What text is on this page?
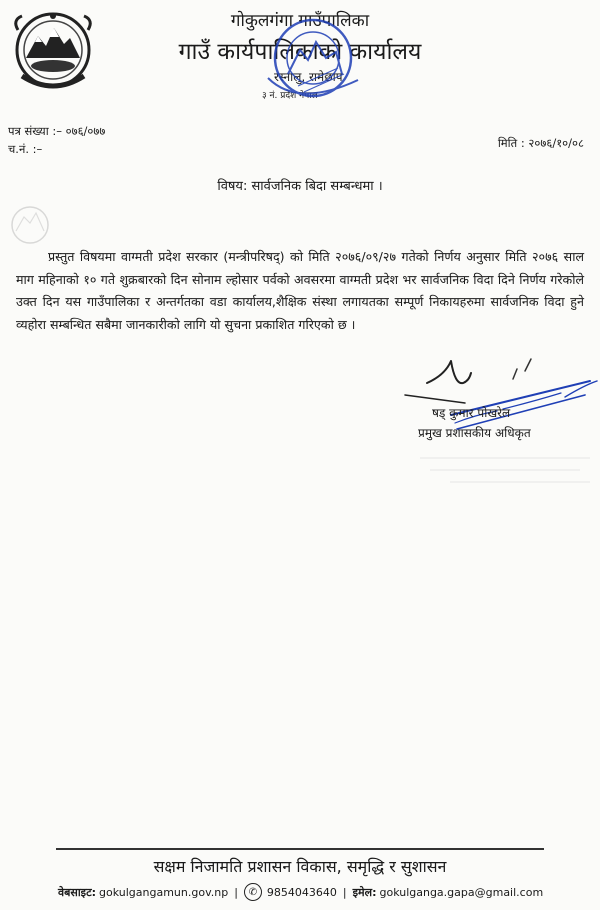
गोकुलगंगा गाउँपालिका
गाउँ कार्यपालिकाको कार्यालय
रस्नालु, रामेछाप
३ नं. प्रदेश नेपाल
पत्र संख्या :– ०७६/०७७
च.नं. :–	मिति : २०७६/१०/०८
विषय: सार्वजनिक बिदा सम्बन्धमा ।
प्रस्तुत विषयमा वाग्मती प्रदेश सरकार (मन्त्रीपरिषद्) को मिति २०७६/०९/२७ गतेको निर्णय अनुसार मिति २०७६ साल माग महिनाको १० गते शुक्रबारको दिन सोनाम ल्होसार पर्वको अवसरमा वाग्मती प्रदेश भर सार्वजनिक विदा दिने निर्णय गरेकोले उक्त दिन यस गाउँपालिका र अन्तर्गतका वडा कार्यालय,शैक्षिक संस्था लगायतका सम्पूर्ण निकायहरुमा सार्वजनिक विदा हुने व्यहोरा सम्बन्धित सबैमा जानकारीको लागि यो सुचना प्रकाशित गरिएको छ ।
षड् कुमार पोखरेल
प्रमुख प्रशासकीय अधिकृत
सक्षम निजामति प्रशासन विकास, समृद्धि र सुशासन
वेबसाइट: gokulgangamun.gov.np |	✆ 9854043640 | इमेल: gokulganga.gapa@gmail.com
